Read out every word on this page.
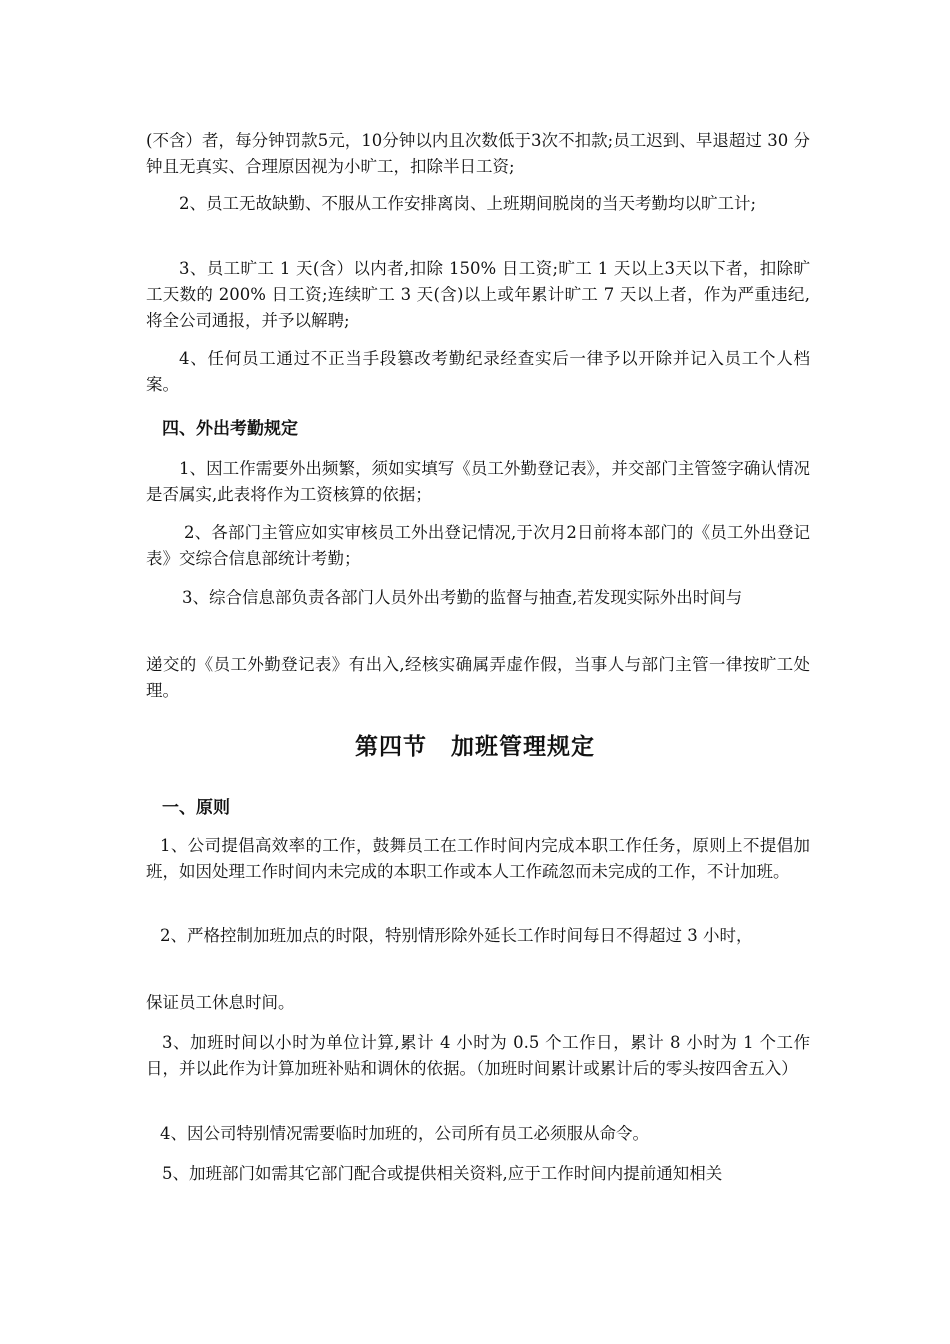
(不含）者，每分钟罚款5元，10分钟以内且次数低于3次不扣款;员工迟到、早退超过 30 分钟且无真实、合理原因视为小旷工，扣除半日工资;

2、员工无故缺勤、不服从工作安排离岗、上班期间脱岗的当天考勤均以旷工计;

3、员工旷工 1 天(含）以内者,扣除 150% 日工资;旷工 1 天以上3天以下者，扣除旷工天数的 200% 日工资;连续旷工 3 天(含)以上或年累计旷工 7 天以上者，作为严重违纪,将全公司通报，并予以解聘;

4、任何员工通过不正当手段篡改考勤纪录经查实后一律予以开除并记入员工个人档案。

四、外出考勤规定

1、因工作需要外出频繁，须如实填写《员工外勤登记表》，并交部门主管签字确认情况是否属实,此表将作为工资核算的依据；

2、各部门主管应如实审核员工外出登记情况,于次月2日前将本部门的《员工外出登记表》交综合信息部统计考勤；

3、综合信息部负责各部门人员外出考勤的监督与抽查,若发现实际外出时间与

递交的《员工外勤登记表》有出入,经核实确属弄虚作假，当事人与部门主管一律按旷工处理。

第四节　加班管理规定

一、原则

1、公司提倡高效率的工作，鼓舞员工在工作时间内完成本职工作任务，原则上不提倡加班，如因处理工作时间内未完成的本职工作或本人工作疏忽而未完成的工作，不计加班。

2、严格控制加班加点的时限，特别情形除外延长工作时间每日不得超过 3 小时，

保证员工休息时间。

3、加班时间以小时为单位计算,累计 4 小时为 0.5 个工作日，累计 8 小时为 1 个工作日，并以此作为计算加班补贴和调休的依据。（加班时间累计或累计后的零头按四舍五入）

4、因公司特别情况需要临时加班的，公司所有员工必须服从命令。

5、加班部门如需其它部门配合或提供相关资料,应于工作时间内提前通知相关
